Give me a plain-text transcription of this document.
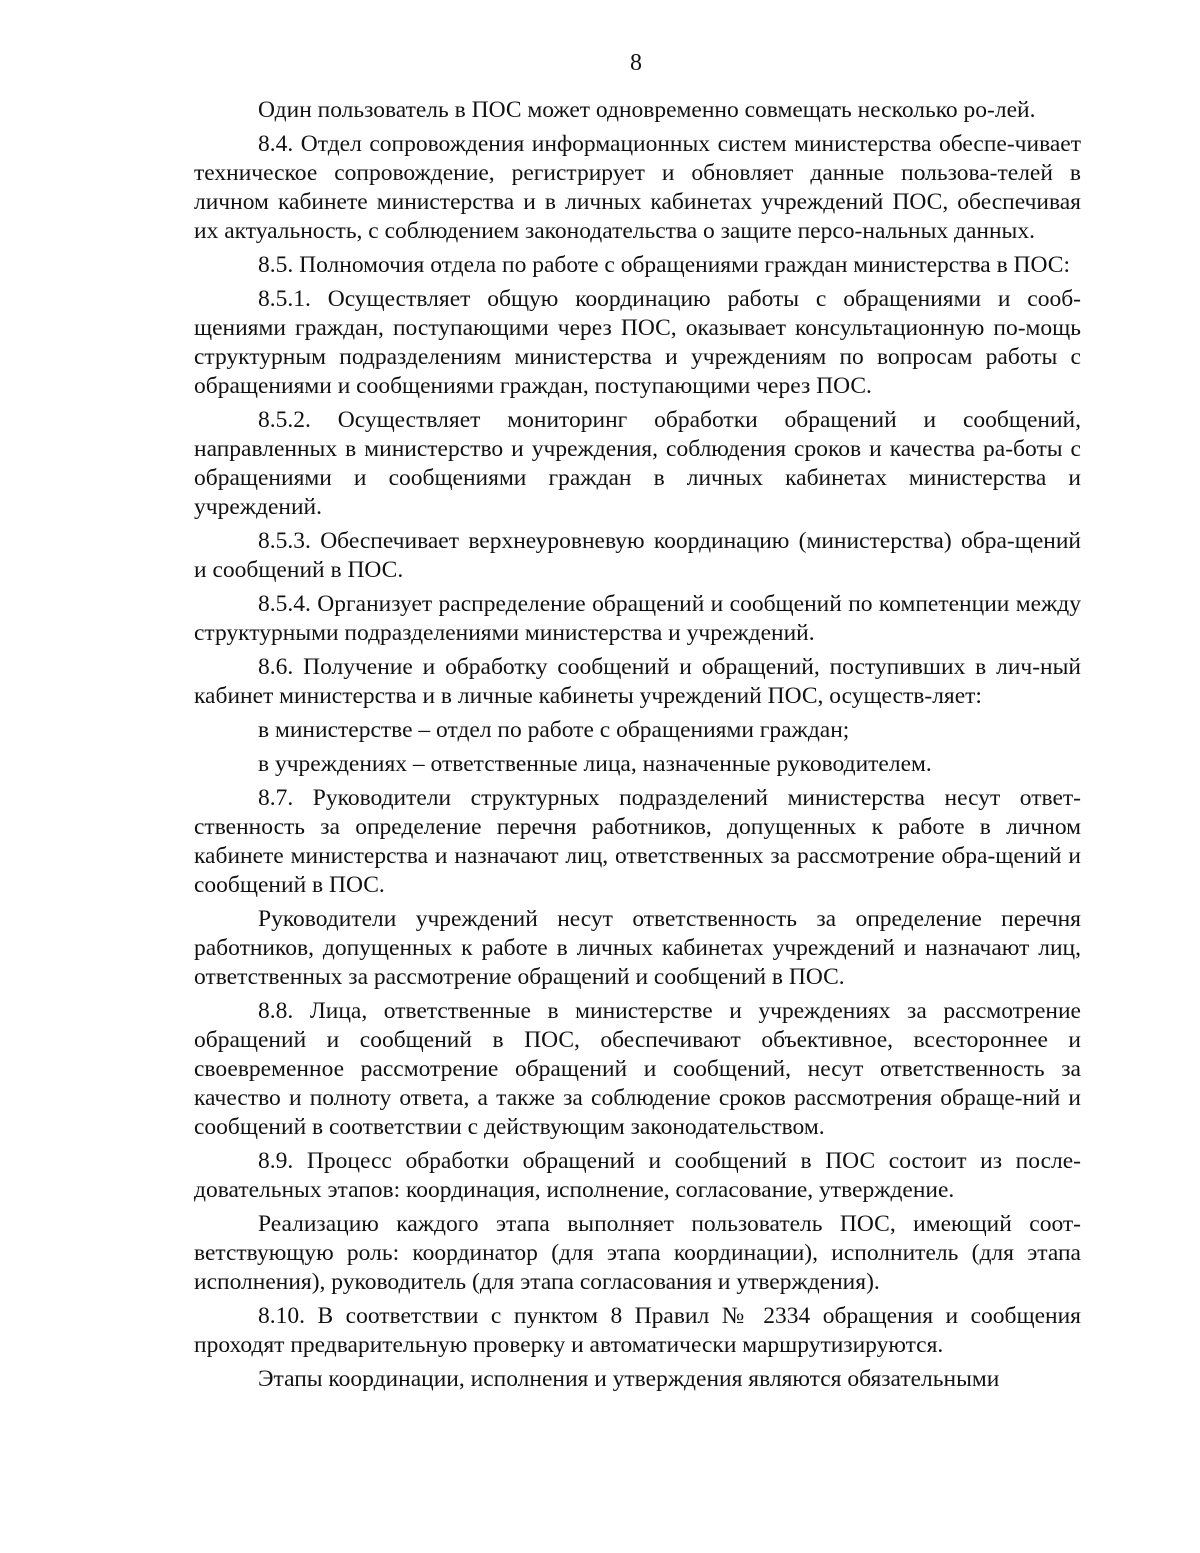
8

Один пользователь в ПОС может одновременно совмещать несколько ро-лей.

8.4. Отдел сопровождения информационных систем министерства обеспе-чивает техническое сопровождение, регистрирует и обновляет данные пользова-телей в личном кабинете министерства и в личных кабинетах учреждений ПОС, обеспечивая их актуальность, с соблюдением законодательства о защите персо-нальных данных.

8.5. Полномочия отдела по работе с обращениями граждан министерства в ПОС:

8.5.1. Осуществляет общую координацию работы с обращениями и сооб-щениями граждан, поступающими через ПОС, оказывает консультационную по-мощь структурным подразделениям министерства и учреждениям по вопросам работы с обращениями и сообщениями граждан, поступающими через ПОС.

8.5.2. Осуществляет мониторинг обработки обращений и сообщений, направленных в министерство и учреждения, соблюдения сроков и качества ра-боты с обращениями и сообщениями граждан в личных кабинетах министерства и учреждений.

8.5.3. Обеспечивает верхнеуровневую координацию (министерства) обра-щений и сообщений в ПОС.

8.5.4. Организует распределение обращений и сообщений по компетенции между структурными подразделениями министерства и учреждений.

8.6. Получение и обработку сообщений и обращений, поступивших в лич-ный кабинет министерства и в личные кабинеты учреждений ПОС, осуществ-ляет:

в министерстве – отдел по работе с обращениями граждан;

в учреждениях – ответственные лица, назначенные руководителем.

8.7. Руководители структурных подразделений министерства несут ответ-ственность за определение перечня работников, допущенных к работе в личном кабинете министерства и назначают лиц, ответственных за рассмотрение обра-щений и сообщений в ПОС.

Руководители учреждений несут ответственность за определение перечня работников, допущенных к работе в личных кабинетах учреждений и назначают лиц, ответственных за рассмотрение обращений и сообщений в ПОС.

8.8. Лица, ответственные в министерстве и учреждениях за рассмотрение обращений и сообщений в ПОС, обеспечивают объективное, всестороннее и своевременное рассмотрение обращений и сообщений, несут ответственность за качество и полноту ответа, а также за соблюдение сроков рассмотрения обраще-ний и сообщений в соответствии с действующим законодательством.

8.9. Процесс обработки обращений и сообщений в ПОС состоит из после-довательных этапов: координация, исполнение, согласование, утверждение.

Реализацию каждого этапа выполняет пользователь ПОС, имеющий соот-ветствующую роль: координатор (для этапа координации), исполнитель (для этапа исполнения), руководитель (для этапа согласования и утверждения).

8.10. В соответствии с пунктом 8 Правил № 2334 обращения и сообщения проходят предварительную проверку и автоматически маршрутизируются.

Этапы координации, исполнения и утверждения являются обязательными
